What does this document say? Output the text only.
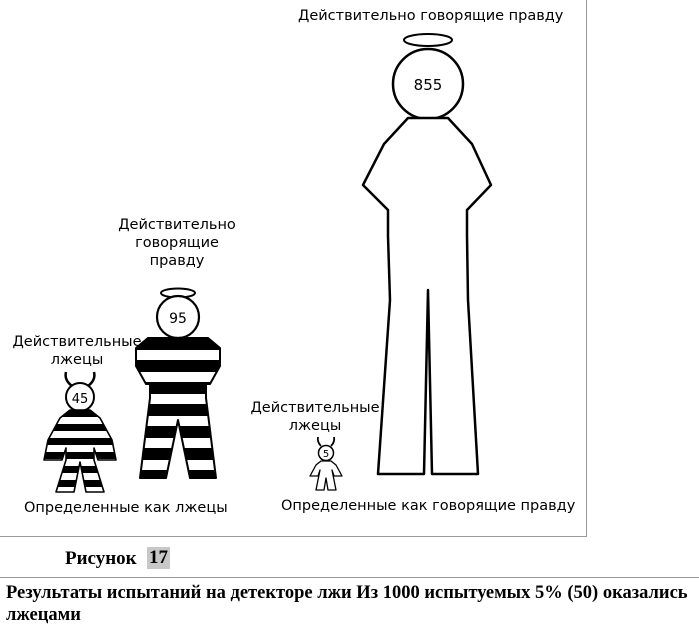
855
95
45
5
Действительно говорящие правду
Действительно
говорящие
правду
Действительные
лжецы
Действительные
лжецы
Определенные как лжецы	Определенные как говорящие правду
Рисунок 17
Результаты испытаний на детекторе лжи Из 1000 испытуемых 5% (50) оказались лжецами
